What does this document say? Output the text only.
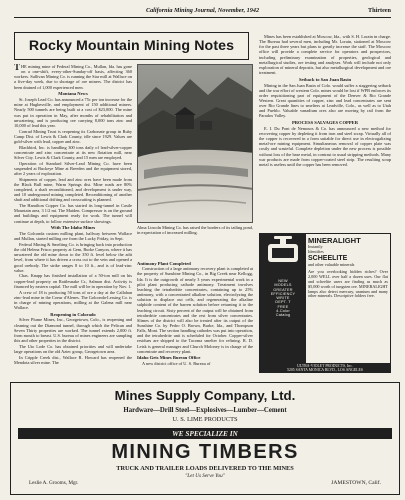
California Mining Journal, November, 1942	Thirteen
Rocky Mountain Mining Notes

THE mining mine of Federal Mining Co., Mullan, Ida. has gone on a one-shift, every-other-Sunday-off basis, affecting 360 workers. Sullivan Mining Co. is running the Star mill at Wallace on a five-day week, due to shortage of ore miners. The district has been drained of 1,000 experienced men.

Montana News

St. Joseph Lead Co. has announced a 75c per ton increase for the mine at Hughesville, and employment of 150 additional miners. Nearly 500 tunnels are being built at a cost of $23,000. The mine was put in operation in May, after months of rehabilitation and unwatering, and is producing ore carrying 8,000 tons zinc and 10,000 of lead this year.

Conrad Mining Trust is reopening its Carbonate group in Ruby Camp Dist. of Lewis & Clark County, idle since 1929. Values are gold-silver with lead, copper and zinc.

Blackbird, Inc. is handling 300 tons daily of lead-silver-copper concentrate and zinc concentrate at its new flotation mill, near Silver City. Lewis & Clark County, and 15 men are employed.

Operation of Standard Silver-Lead Mining Co. have been suspended at Buckeye Mine at Breeden and the equipment stored, after 2 years of exploration.

Shipments of copper, lead and zinc ores have been made from the Black Bull mine, Warm Springs dist. Mine roads are 80% completed, a shaft reconditioned, and development is under way, and 10 underground mining completed. Reconditioning of another shaft and additional drifting and crosscutting is planned.

The Hamilton Copper Co. has started its long-tunnel in Castle Mountain area, 3 1/2 mi. The Maiden. Compressor is on the ground and buildings and equipment ready for work. The tunnel will continue at depth, to follow extensive surface showings.

With The Idaho Mines

The Golconda custom milling plant, halfway between Wallace and Mullan, started milling ore from the Lucky Friday, in Sept.

Federal Mining & Smelting Co. is bringing back into production the old Helena Frisco property at Gem, Burke Canyon, where it has unwatered the old mine down to the 350 ft. level below the adit level, from where it has driven a cross cut to the vein and opened a good orebody. The strike ranges 8 to 10 ft., and is of lead-zinc value.

Chas. Knapp has finished installation of a 50-ton mill on his copper-lead property on Rattlesnake Cr., Salmon dist. Activity is financed by eastern capital. The mill will be in operation by Nov. 1.

A crew of 18 is producing 50 tons of ore a day at the Callahan zinc-lead mine in the Coeur d'Alenes. The Golconda-Lessing Co. is in charge of mining operations, milling at the Galena mill near Wallace.

Reopening in Colorado

Silver Plume Mines, Inc., Georgetown, Colo., is reopening and cleaning out the Diamond tunnel, through which the Pelican and Seven Thirty properties are worked. The tunnel extends 2,000 ft. from mouth to breast. U.S. bureau of mines engineers are sampling this and other properties in the district.

The Uto Lode Co. has obtained priorities and will undertake large operations on the old Aztec group, Georgetown area.

In Cripple Creek dist., Wallace R. Howard has reopened the Mendota silver mine. The

Alma Lincoln Mining Co. has raised the borders of its tailing pond, in expectation of increased milling.

Antimony Plant Completed

Construction of a large antimony recovery plant is completed at the property of Sunshine Mining Co., in Big Creek near Kellogg, Ida. It is the outgrowth of nearly 3 years experimental work in a pilot plant producing cathode antimony. Treatment involves leaching the tetrahedrite concentrates, containing up to 25% antimony, with a concentrated alkaline solution, electrolyzing the solution to displace out cells, and regenerating the alkaline sulphide content of the barren solution before returning it to the leaching circuit. Sixty percent of the output will be obtained from tetrahedrite concentrates and the rest from silver concentrates. Slimes of the district will also be treated after its output of the Sunshine Co. by Pedro O. Brown, Burke, Ida., and Thompson Falls, Mont. The section handling cathodes was put into operation, and the tetrahedrite unit is scheduled for October. Copper-silver residues are shipped to the Tacoma smelter for refining. R. D. Leisk is general manager and Church Moloney is in charge of the concentrate and recovery plant.

Idaho Gets Mines Bureau Office

A new district office of U. S. Bureau of

Mines has been established at Moscow, Ida., with S. H. Lorain in charge. The Bureau had several men, including Mr. Lorain, stationed at Moscow for the past three years but plans to greatly increase the staff. The Moscow office will provide a complete service for operators and prospectors, including preliminary examination of properties, geological and metallurgical studies, ore testing and analyses. Work will include not only exploration of mineral deposits, but also metallurgical development and ore treatment.

Setback to San Juan Basin

Mining in the San Juan Basin of Colo. would suffer a staggering setback and the war effort of western Colo. mines would be lost if WPB enforces its order requisitioning part of equipment of the Denver & Rio Grande Western. Great quantities of copper, zinc and lead concentrates are sent over Rio Grande lines to smelters at Leadville, Colo., as well as to Utah and Pueblo. Valuable vanadium ores also are moving by rail from the Paradox Valley.

PROCESS SALVAGES COPPER

E. I. Du Pont de Nemours & Co. has announced a new method for recovering copper by depleting it from iron and steel scrap. Virtually all of the copper is recovered in a form suitable for direct use in electrogalizing metal-ore mining equipment. Simultaneous removal of copper plate was costly and wasteful. Complete depletion under the new process is possible without loss of the base metal, in contrast to usual stripping methods. Many war products are made from copper-coated steel strip. The resulting scrap metal is useless until the copper has been removed.

NEW
MODELS
GREATER
EFFICIENCY
WRITE
DEPT. T
FREE
4-Color
Catalog
MINERALIGHT
Instantly
Identifies
SCHEELITE
and other valuable minerals
Are you overlooking hidden riches? Over 2,000 WELL over half a dozen uses. Our flat and scheelite users are finding as much as $5,000 worth of tungsten ore. MINERALIGHT lamps also detect mercury, uranium and many other minerals. Descriptive folders free.
ULTRA-VIOLET PRODUCTS, Inc.
5205 SANTA MONICA BLVD., LOS ANGELES
Mines Supply Company, Ltd.
Hardware—Drill Steel—Explosives—Lumber—Cement
U. S. LIME PRODUCTS
WE SPECIALIZE IN
MINING TIMBERS
TRUCK AND TRAILER LOADS DELIVERED TO THE MINES
"Let Us Serve You"
Leslie A. Grooms, Mgr.	JAMESTOWN, Calif.
